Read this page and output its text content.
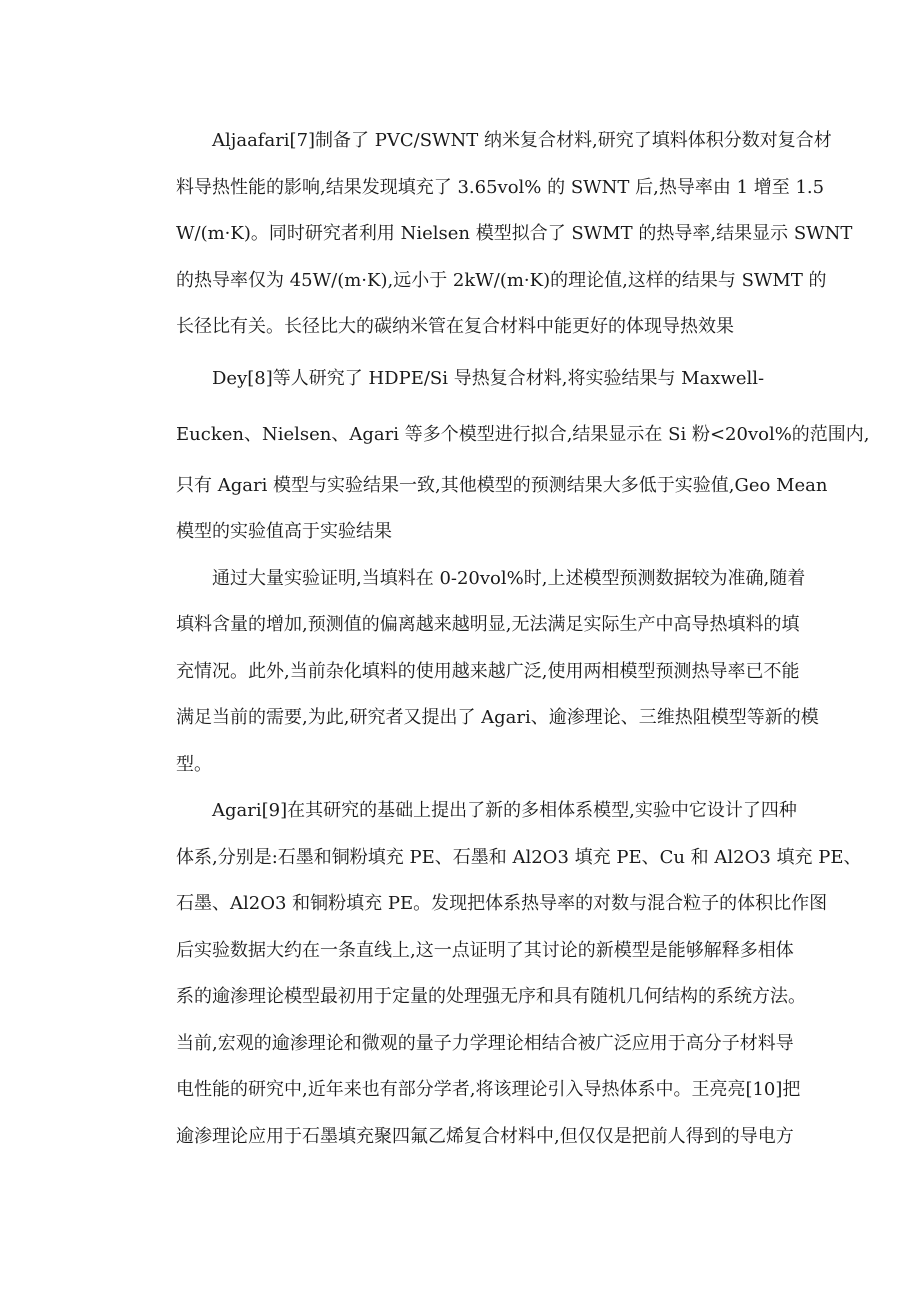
Aljaafari[7]制备了 PVC/SWNT 纳米复合材料,研究了填料体积分数对复合材
料导热性能的影响,结果发现填充了 3.65vol% 的 SWNT 后,热导率由 1 增至 1.5
W/(m·K)。同时研究者利用 Nielsen 模型拟合了 SWMT 的热导率,结果显示 SWNT
的热导率仅为 45W/(m·K),远小于 2kW/(m·K)的理论值,这样的结果与 SWMT 的
长径比有关。长径比大的碳纳米管在复合材料中能更好的体现导热效果
Dey[8]等人研究了 HDPE/Si 导热复合材料,将实验结果与 Maxwell-
Eucken、Nielsen、Agari 等多个模型进行拟合,结果显示在 Si 粉<20vol%的范围内,
只有 Agari 模型与实验结果一致,其他模型的预测结果大多低于实验值,Geo Mean
模型的实验值高于实验结果
通过大量实验证明,当填料在 0-20vol%时,上述模型预测数据较为准确,随着
填料含量的增加,预测值的偏离越来越明显,无法满足实际生产中高导热填料的填
充情况。此外,当前杂化填料的使用越来越广泛,使用两相模型预测热导率已不能
满足当前的需要,为此,研究者又提出了 Agari、逾渗理论、三维热阻模型等新的模
型。
Agari[9]在其研究的基础上提出了新的多相体系模型,实验中它设计了四种
体系,分别是:石墨和铜粉填充 PE、石墨和 Al2O3 填充 PE、Cu 和 Al2O3 填充 PE、
石墨、Al2O3 和铜粉填充 PE。发现把体系热导率的对数与混合粒子的体积比作图
后实验数据大约在一条直线上,这一点证明了其讨论的新模型是能够解释多相体
系的逾渗理论模型最初用于定量的处理强无序和具有随机几何结构的系统方法。
当前,宏观的逾渗理论和微观的量子力学理论相结合被广泛应用于高分子材料导
电性能的研究中,近年来也有部分学者,将该理论引入导热体系中。王亮亮[10]把
逾渗理论应用于石墨填充聚四氟乙烯复合材料中,但仅仅是把前人得到的导电方
